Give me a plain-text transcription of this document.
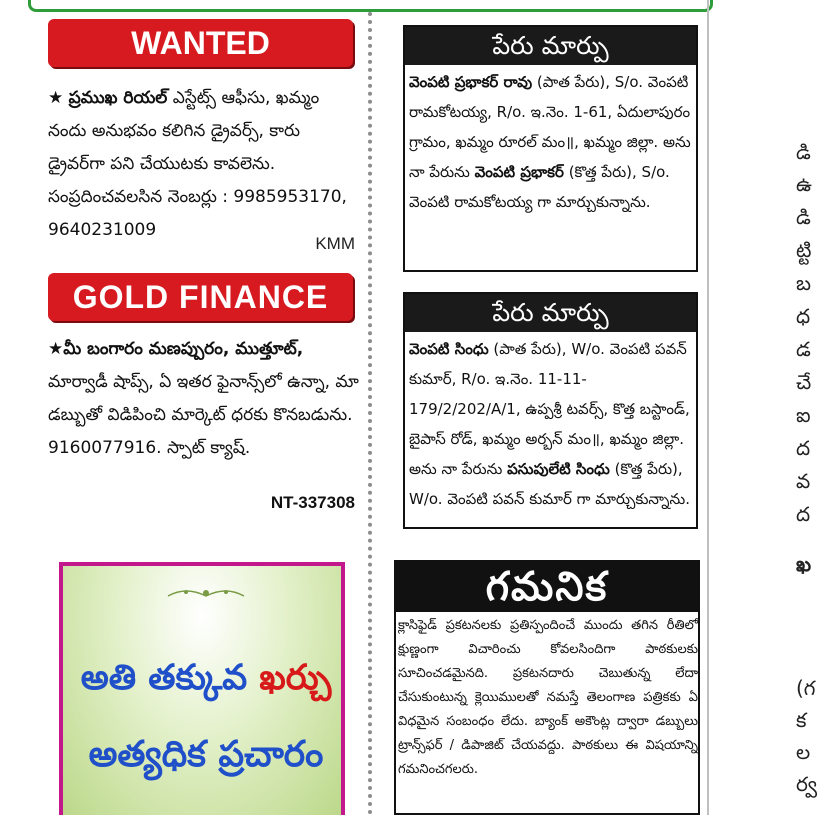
WANTED
★ ప్రముఖ రియల్ ఎస్టేట్స్ ఆఫీసు, ఖమ్మం నందు అనుభవం కలిగిన డ్రైవర్స్, కారు డ్రైవర్‌గా పని చేయుటకు కావలెను. సంప్రదించవలసిన నెంబర్లు : 9985953170, 9640231009
KMM
GOLD FINANCE
★మీ బంగారం మణప్పురం, ముత్తూట్, మార్వాడీ షాప్స్, ఏ ఇతర ఫైనాన్స్‌లో ఉన్నా, మా డబ్బుతో విడిపించి మార్కెట్ ధరకు కొనబడును. 9160077916. స్పాట్ క్యాష్.
NT-337308
అతి తక్కువ ఖర్చు
అత్యధిక ప్రచారం
పేరు మార్పు
వెంపటి ప్రభాకర్ రావు (పాత పేరు), S/o. వెంపటి రామకోటయ్య, R/o. ఇ.నెం. 1-61, ఏదులాపురం గ్రామం, ఖమ్మం రూరల్ మం॥, ఖమ్మం జిల్లా. అను నా పేరును వెంపటి ప్రభాకర్ (కొత్త పేరు), S/o. వెంపటి రామకోటయ్య గా మార్చుకున్నాను.
పేరు మార్పు
వెంపటి సింధు (పాత పేరు), W/o. వెంపటి పవన్ కుమార్, R/o. ఇ.నెం. 11-11-179/2/202/A/1, ఉప్పశ్రీ టవర్స్, కొత్త బస్టాండ్, బైపాస్ రోడ్, ఖమ్మం అర్బన్ మం॥, ఖమ్మం జిల్లా. అను నా పేరును పసుపులేటి సింధు (కొత్త పేరు), W/o. వెంపటి పవన్ కుమార్ గా మార్చుకున్నాను.
గమనిక
క్లాసిఫైడ్ ప్రకటనలకు ప్రతిస్పందించే ముందు తగిన రీతిలో క్షుణ్ణంగా విచారించు కోవలసిందిగా పాఠకులకు సూచించడమైనది. ప్రకటనదారు చెబుతున్న లేదా చేసుకుంటున్న క్లెయిములతో నమస్తే తెలంగాణ పత్రికకు ఏ విధమైన సంబంధం లేదు. బ్యాంక్ అకౌంట్ల ద్వారా డబ్బులు ట్రాన్స్‌ఫర్ / డిపాజిట్ చేయవద్దు. పాఠకులు ఈ విషయాన్ని గమనించగలరు.
డి
ఉ
డి
ట్టి
బ
ధ
డ
చే
ఐ
ద
వ
ద
ఖ
(గ
క
ల
ర్వ
